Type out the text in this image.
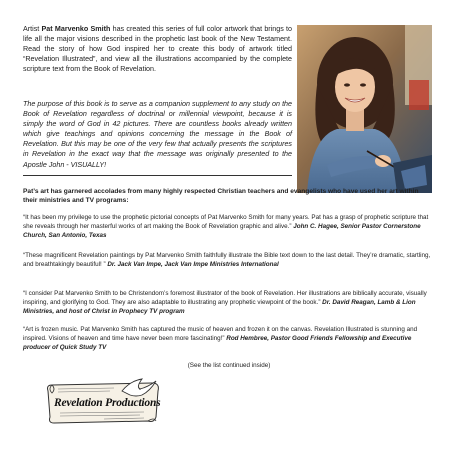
Artist Pat Marvenko Smith has created this series of full color artwork that brings to life all the major visions described in the prophetic last book of the New Testament. Read the story of how God inspired her to create this body of artwork titled “Revelation Illustrated”, and view all the illustrations accompanied by the complete scripture text from the Book of Revelation.

The purpose of this book is to serve as a companion supplement to any study on the Book of Revelation regardless of doctrinal or millennial viewpoint, because it is simply the word of God in 42 pictures. There are countless books already written which give teachings and opinions concerning the message in the Book of Revelation. But this may be one of the very few that actually presents the scriptures in Revelation in the exact way that the message was originally presented to the Apostle John - VISUALLY!

Pat’s art has garnered accolades from many highly respected Christian teachers and evangelists who have used her art within their ministries and TV programs:

“It has been my privilege to use the prophetic pictorial concepts of Pat Marvenko Smith for many years. Pat has a grasp of prophetic scripture that she reveals through her masterful works of art making the Book of Revelation graphic and alive.” John C. Hagee, Senior Pastor Cornerstone Church, San Antonio, Texas

“These magnificent Revelation paintings by Pat Marvenko Smith faithfully illustrate the Bible text down to the last detail. They’re dramatic, startling, and breathtakingly beautiful! ” Dr. Jack Van Impe, Jack Van Impe Ministries International

“I consider Pat Marvenko Smith to be Christendom’s foremost illustrator of the book of Revelation. Her illustrations are biblically accurate, visually inspiring, and glorifying to God. They are also adaptable to illustrating any prophetic viewpoint of the book.” Dr. David Reagan, Lamb & Lion Ministries, and host of Christ in Prophecy TV program

“Art is frozen music. Pat Marvenko Smith has captured the music of heaven and frozen it on the canvas. Revelation Illustrated is stunning and inspired. Visions of heaven and time have never been more fascinating!” Rod Hembree, Pastor Good Friends Fellowship and Executive producer of Quick Study TV

(See the list continued inside)

Revelation Productions
